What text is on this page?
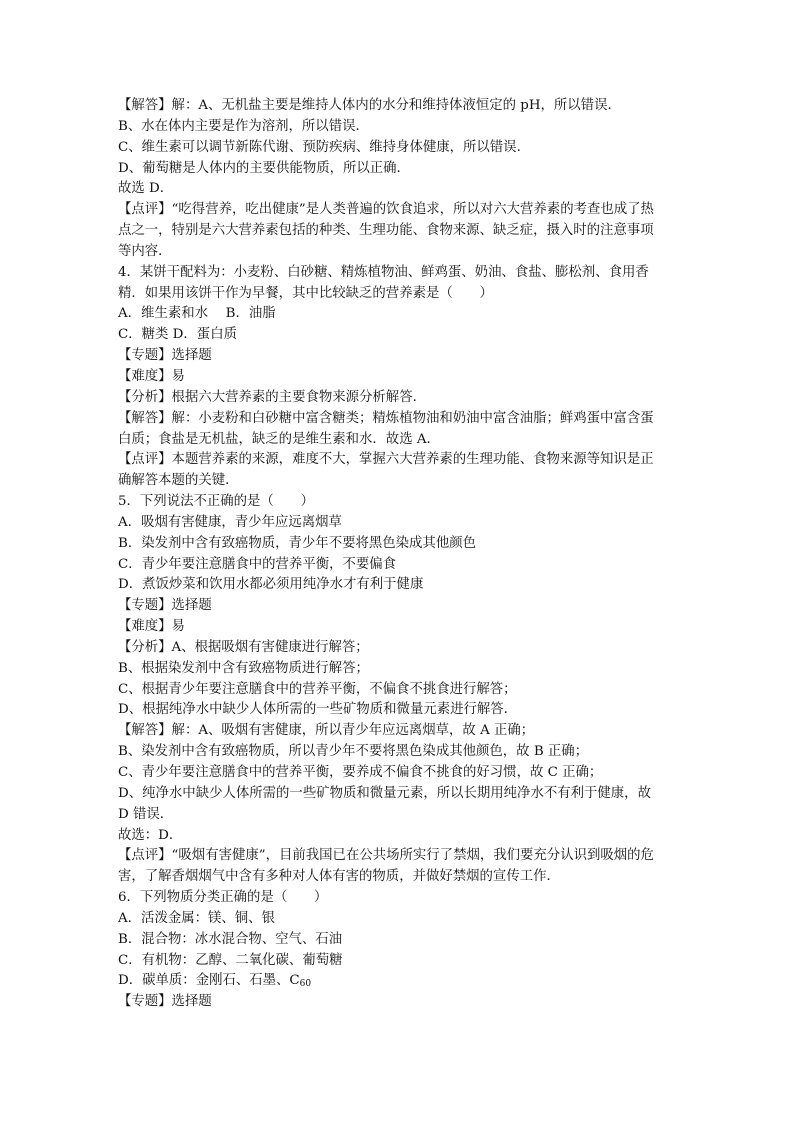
【解答】解：A、无机盐主要是维持人体内的水分和维持体液恒定的 pH，所以错误．
B、水在体内主要是作为溶剂，所以错误．
C、维生素可以调节新陈代谢、预防疾病、维持身体健康，所以错误．
D、葡萄糖是人体内的主要供能物质，所以正确．
故选 D．
【点评】“吃得营养，吃出健康”是人类普遍的饮食追求，所以对六大营养素的考查也成了热
点之一，特别是六大营养素包括的种类、生理功能、食物来源、缺乏症，摄入时的注意事项
等内容．
4．某饼干配料为：小麦粉、白砂糖、精炼植物油、鲜鸡蛋、奶油、食盐、膨松剂、食用香
精．如果用该饼干作为早餐，其中比较缺乏的营养素是（　　）
A．维生素和水　 B．油脂
C．糖类 D．蛋白质
【专题】选择题
【难度】易
【分析】根据六大营养素的主要食物来源分析解答．
【解答】解：小麦粉和白砂糖中富含糖类；精炼植物油和奶油中富含油脂；鲜鸡蛋中富含蛋
白质；食盐是无机盐，缺乏的是维生素和水．故选 A．
【点评】本题营养素的来源，难度不大，掌握六大营养素的生理功能、食物来源等知识是正
确解答本题的关键．
5．下列说法不正确的是（　　）
A．吸烟有害健康，青少年应远离烟草
B．染发剂中含有致癌物质，青少年不要将黑色染成其他颜色
C．青少年要注意膳食中的营养平衡，不要偏食
D．煮饭炒菜和饮用水都必须用纯净水才有利于健康
【专题】选择题
【难度】易
【分析】A、根据吸烟有害健康进行解答；
B、根据染发剂中含有致癌物质进行解答；
C、根据青少年要注意膳食中的营养平衡，不偏食不挑食进行解答；
D、根据纯净水中缺少人体所需的一些矿物质和微量元素进行解答．
【解答】解：A、吸烟有害健康，所以青少年应远离烟草，故 A 正确；
B、染发剂中含有致癌物质，所以青少年不要将黑色染成其他颜色，故 B 正确；
C、青少年要注意膳食中的营养平衡，要养成不偏食不挑食的好习惯，故 C 正确；
D、纯净水中缺少人体所需的一些矿物质和微量元素，所以长期用纯净水不有利于健康，故
D 错误．
故选：D．
【点评】“吸烟有害健康”，目前我国已在公共场所实行了禁烟，我们要充分认识到吸烟的危
害，了解香烟烟气中含有多种对人体有害的物质，并做好禁烟的宣传工作．
6．下列物质分类正确的是（　　）
A．活泼金属：镁、铜、银
B．混合物：冰水混合物、空气、石油
C．有机物：乙醇、二氧化碳、葡萄糖
D．碳单质：金刚石、石墨、$C_{60}$
【专题】选择题
